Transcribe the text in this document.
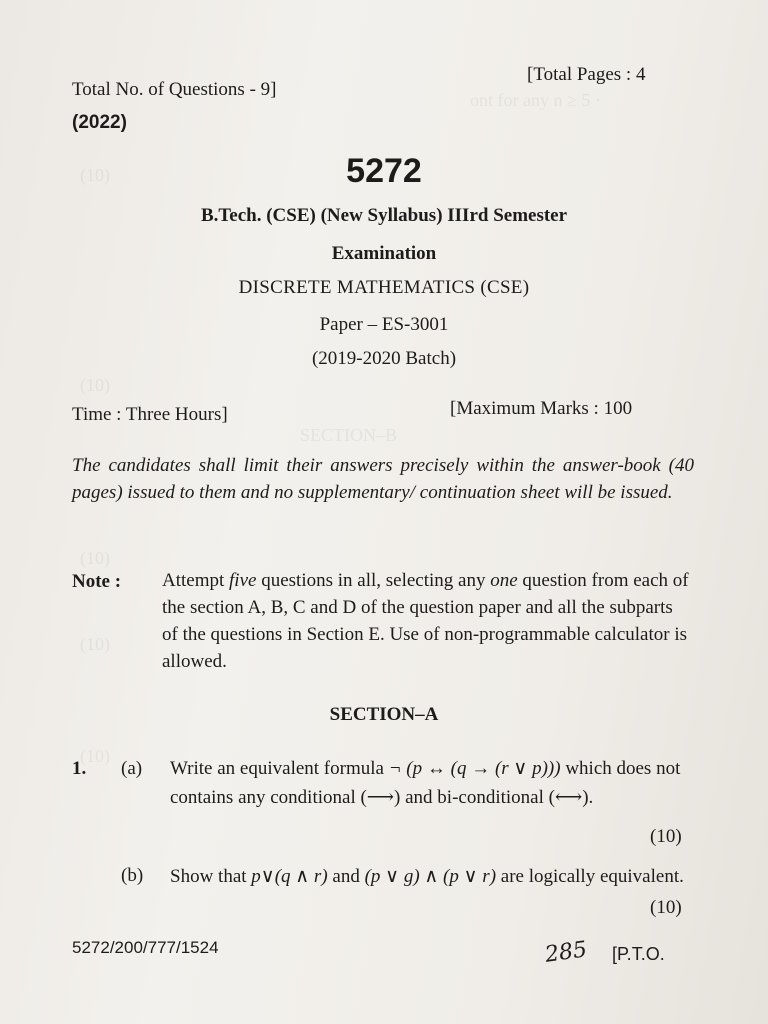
ont for any n ≥ 5 ·
(10)
(10)
SECTION–B
(10)
(10)
(10)
Total No. of Questions - 9]
[Total Pages : 4
(2022)
5272
B.Tech. (CSE) (New Syllabus) IIIrd Semester
Examination
DISCRETE MATHEMATICS (CSE)
Paper – ES-3001
(2019-2020 Batch)
Time : Three Hours]	[Maximum Marks : 100
The candidates shall limit their answers precisely within the answer-book (40 pages) issued to them and no supplementary/ continuation sheet will be issued.
Note : Attempt five questions in all, selecting any one question from each of the section A, B, C and D of the question paper and all the subparts of the questions in Section E. Use of non-programmable calculator is allowed.
SECTION–A
1. (a) Write an equivalent formula ¬ (p ↔ (q → (r ∨ p))) which does not contains any conditional (⟶) and bi-conditional (⟷).
(10)
(b) Show that p∨(q ∧ r) and (p ∨ g) ∧ (p ∨ r) are logically equivalent.
(10)
5272/200/777/1524	285 [P.T.O.
